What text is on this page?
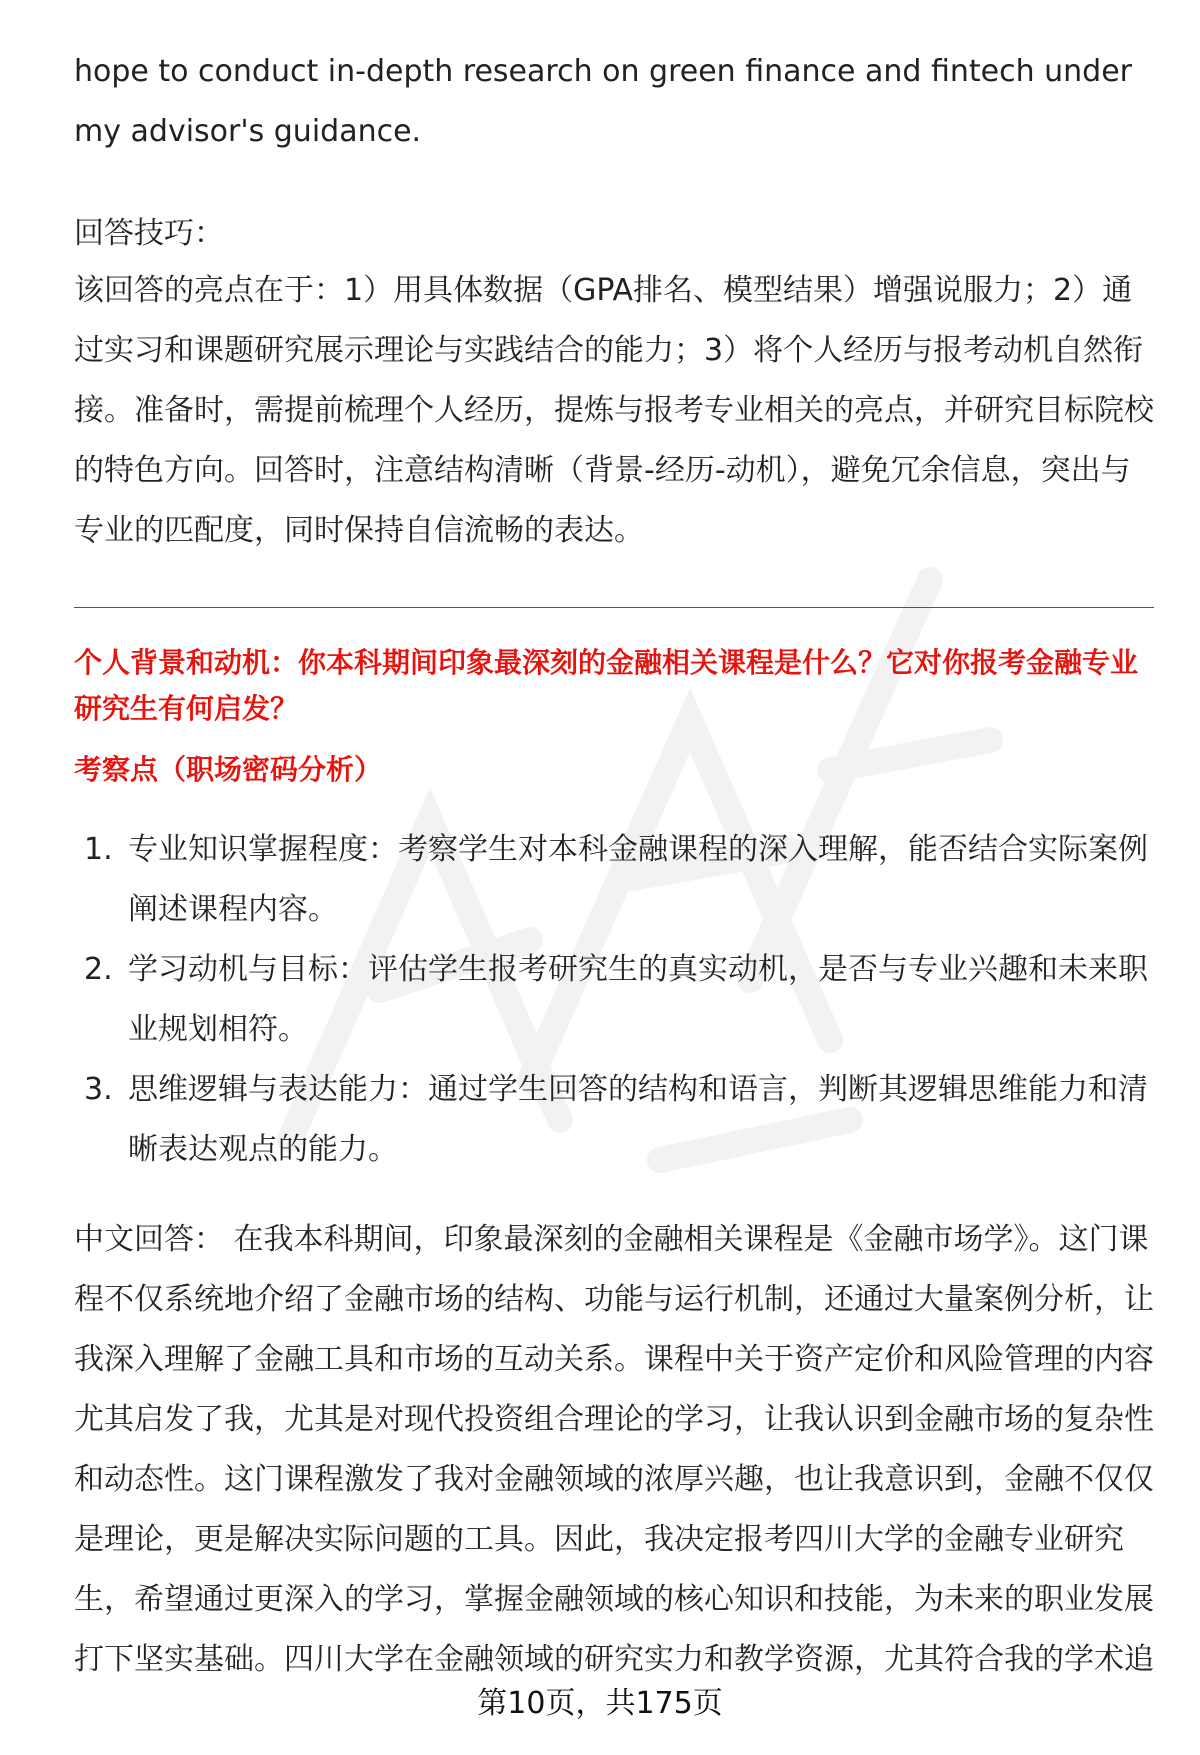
hope to conduct in-depth research on green finance and fintech under my advisor's guidance.

回答技巧：

该回答的亮点在于：1）用具体数据（GPA排名、模型结果）增强说服力；2）通过实习和课题研究展示理论与实践结合的能力；3）将个人经历与报考动机自然衔接。准备时，需提前梳理个人经历，提炼与报考专业相关的亮点，并研究目标院校的特色方向。回答时，注意结构清晰（背景-经历-动机），避免冗余信息，突出与专业的匹配度，同时保持自信流畅的表达。

个人背景和动机：你本科期间印象最深刻的金融相关课程是什么？它对你报考金融专业研究生有何启发？

考察点（职场密码分析）

1. 专业知识掌握程度：考察学生对本科金融课程的深入理解，能否结合实际案例阐述课程内容。
2. 学习动机与目标：评估学生报考研究生的真实动机，是否与专业兴趣和未来职业规划相符。
3. 思维逻辑与表达能力：通过学生回答的结构和语言，判断其逻辑思维能力和清晰表达观点的能力。

中文回答： 在我本科期间，印象最深刻的金融相关课程是《金融市场学》。这门课程不仅系统地介绍了金融市场的结构、功能与运行机制，还通过大量案例分析，让我深入理解了金融工具和市场的互动关系。课程中关于资产定价和风险管理的内容尤其启发了我，尤其是对现代投资组合理论的学习，让我认识到金融市场的复杂性和动态性。这门课程激发了我对金融领域的浓厚兴趣，也让我意识到，金融不仅仅是理论，更是解决实际问题的工具。因此，我决定报考四川大学的金融专业研究生，希望通过更深入的学习，掌握金融领域的核心知识和技能，为未来的职业发展打下坚实基础。四川大学在金融领域的研究实力和教学资源，尤其符合我的学术追

第10页，共175页
